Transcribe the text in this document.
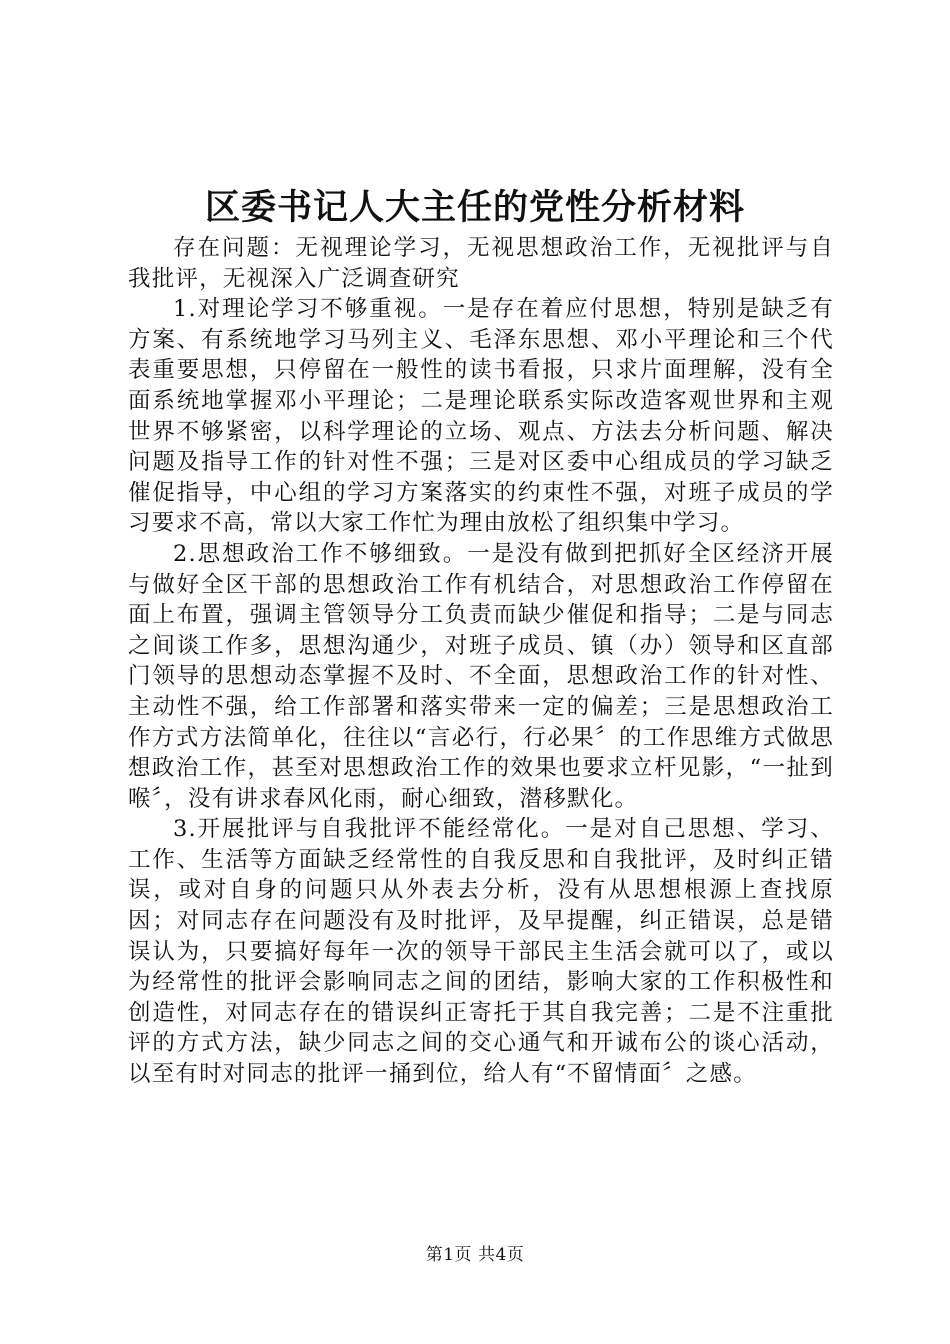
区委书记人大主任的党性分析材料

存在问题：无视理论学习，无视思想政治工作，无视批评与自我批评，无视深入广泛调查研究

1.对理论学习不够重视。一是存在着应付思想，特别是缺乏有方案、有系统地学习马列主义、毛泽东思想、邓小平理论和三个代表重要思想，只停留在一般性的读书看报，只求片面理解，没有全面系统地掌握邓小平理论；二是理论联系实际改造客观世界和主观世界不够紧密，以科学理论的立场、观点、方法去分析问题、解决问题及指导工作的针对性不强；三是对区委中心组成员的学习缺乏催促指导，中心组的学习方案落实的约束性不强，对班子成员的学习要求不高，常以大家工作忙为理由放松了组织集中学习。

2.思想政治工作不够细致。一是没有做到把抓好全区经济开展与做好全区干部的思想政治工作有机结合，对思想政治工作停留在面上布置，强调主管领导分工负责而缺少催促和指导；二是与同志之间谈工作多，思想沟通少，对班子成员、镇（办）领导和区直部门领导的思想动态掌握不及时、不全面，思想政治工作的针对性、主动性不强，给工作部署和落实带来一定的偏差；三是思想政治工作方式方法简单化，往往以“言必行，行必果〞的工作思维方式做思想政治工作，甚至对思想政治工作的效果也要求立杆见影，“一扯到喉〞，没有讲求春风化雨，耐心细致，潜移默化。

3.开展批评与自我批评不能经常化。一是对自己思想、学习、工作、生活等方面缺乏经常性的自我反思和自我批评，及时纠正错误，或对自身的问题只从外表去分析，没有从思想根源上查找原因；对同志存在问题没有及时批评，及早提醒，纠正错误，总是错误认为，只要搞好每年一次的领导干部民主生活会就可以了，或以为经常性的批评会影响同志之间的团结，影响大家的工作积极性和创造性，对同志存在的错误纠正寄托于其自我完善；二是不注重批评的方式方法，缺少同志之间的交心通气和开诚布公的谈心活动，以至有时对同志的批评一捅到位，给人有“不留情面〞之感。

第1页 共4页
